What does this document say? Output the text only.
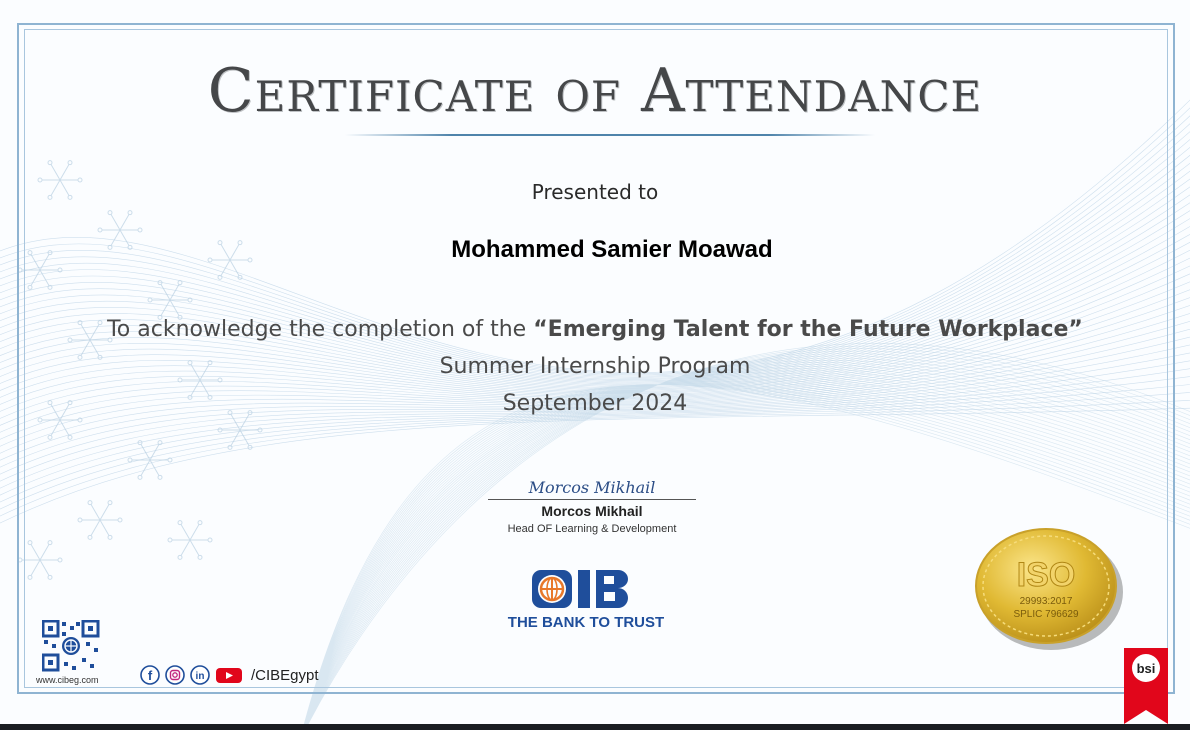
Certificate of Attendance
Presented to
Mohammed Samier Moawad
To acknowledge the completion of the “Emerging Talent for the Future Workplace”
Summer Internship Program
September 2024
Morcos Mikhail
Morcos Mikhail
Head OF Learning & Development
THE BANK TO TRUST
www.cibeg.com	f	in	/CIBEgypt
ISO
29993:2017
SPLIC 796629
bsi
